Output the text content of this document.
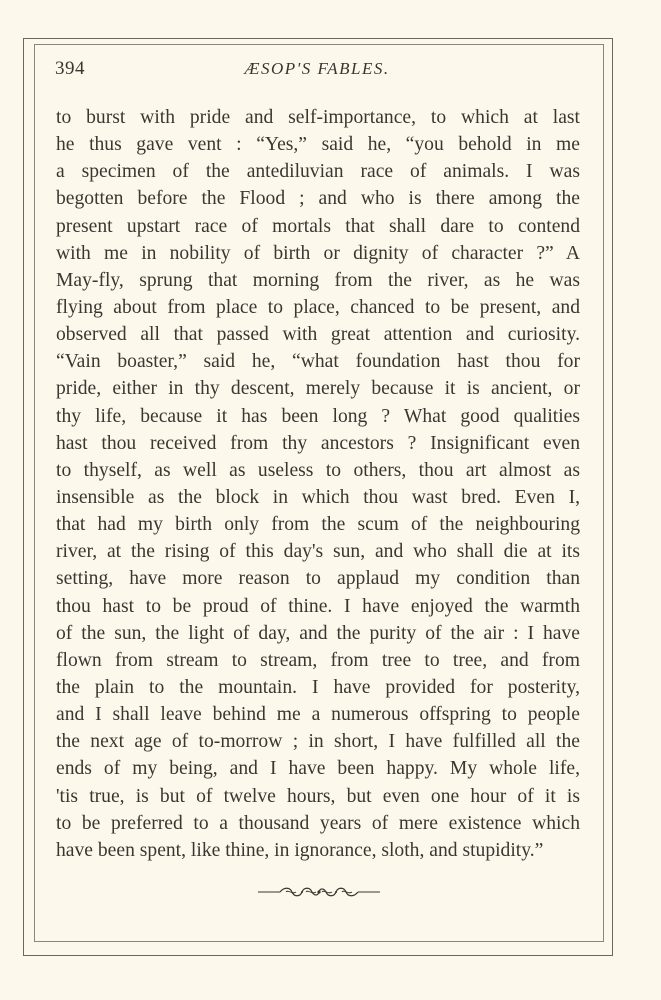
394	ÆSOP'S FABLES.
to burst with pride and self-importance, to which at last
he thus gave vent : “Yes,” said he, “you behold in me
a specimen of the antediluvian race of animals. I was
begotten before the Flood ; and who is there among the
present upstart race of mortals that shall dare to contend
with me in nobility of birth or dignity of character ?” A
May-fly, sprung that morning from the river, as he was
flying about from place to place, chanced to be present, and
observed all that passed with great attention and curiosity.
“Vain boaster,” said he, “what foundation hast thou for
pride, either in thy descent, merely because it is ancient, or
thy life, because it has been long ? What good qualities
hast thou received from thy ancestors ? Insignificant even
to thyself, as well as useless to others, thou art almost as
insensible as the block in which thou wast bred. Even I,
that had my birth only from the scum of the neighbouring
river, at the rising of this day's sun, and who shall die at its
setting, have more reason to applaud my condition than
thou hast to be proud of thine. I have enjoyed the warmth
of the sun, the light of day, and the purity of the air : I have
flown from stream to stream, from tree to tree, and from
the plain to the mountain. I have provided for posterity,
and I shall leave behind me a numerous offspring to people
the next age of to-morrow ; in short, I have fulfilled all the
ends of my being, and I have been happy. My whole life,
'tis true, is but of twelve hours, but even one hour of it is
to be preferred to a thousand years of mere existence which
have been spent, like thine, in ignorance, sloth, and stupidity.”
